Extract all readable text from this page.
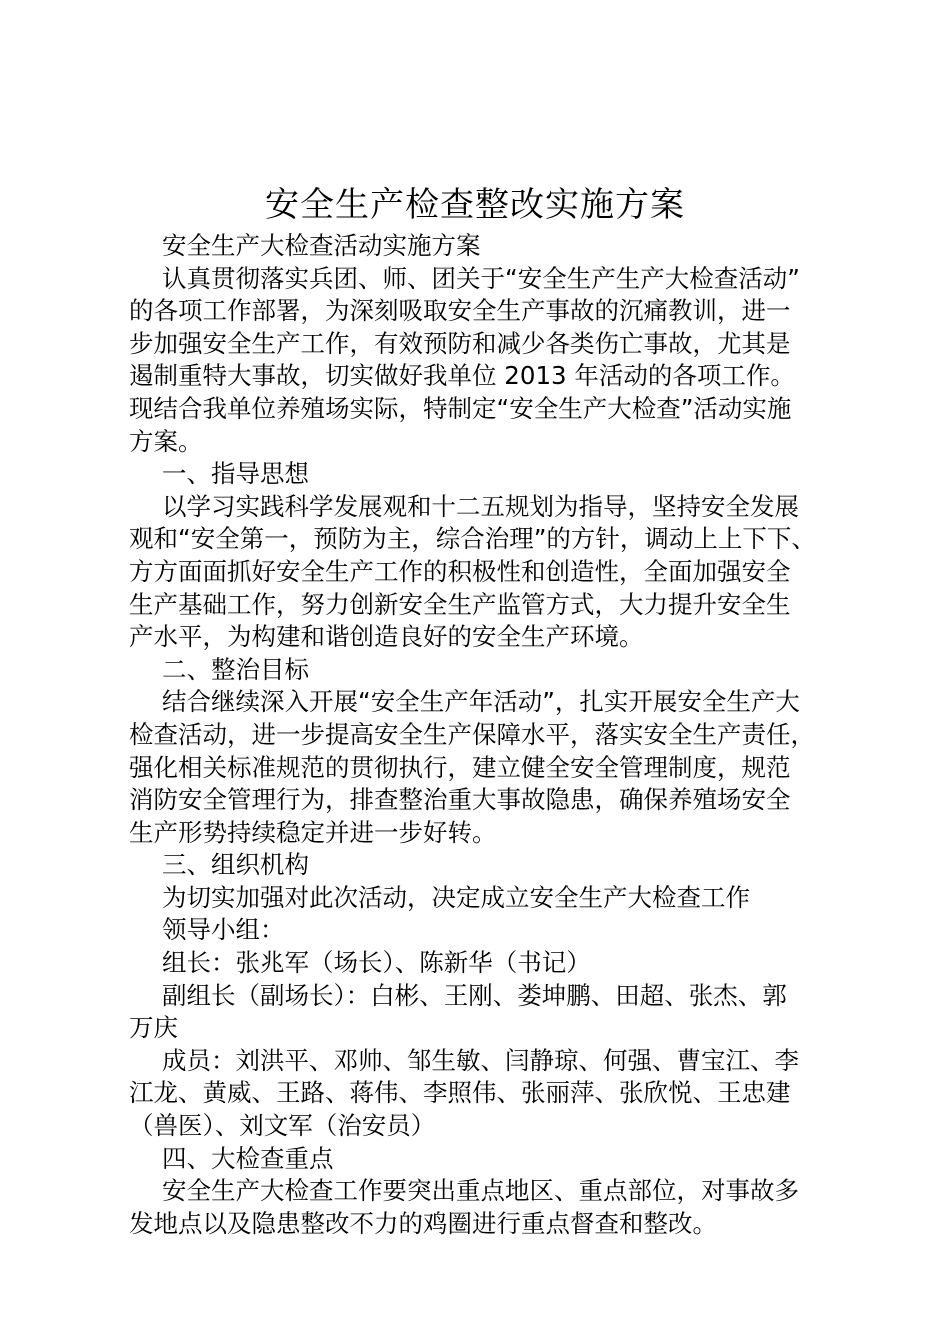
安全生产检查整改实施方案

安全生产大检查活动实施方案

认真贯彻落实兵团、师、团关于“安全生产生产大检查活动”

的各项工作部署，为深刻吸取安全生产事故的沉痛教训，进一

步加强安全生产工作，有效预防和减少各类伤亡事故，尤其是

遏制重特大事故，切实做好我单位 2013 年活动的各项工作。

现结合我单位养殖场实际，特制定“安全生产大检查”活动实施

方案。

一、指导思想

以学习实践科学发展观和十二五规划为指导，坚持安全发展

观和“安全第一，预防为主，综合治理”的方针，调动上上下下、

方方面面抓好安全生产工作的积极性和创造性，全面加强安全

生产基础工作，努力创新安全生产监管方式，大力提升安全生

产水平，为构建和谐创造良好的安全生产环境。

二、整治目标

结合继续深入开展“安全生产年活动”，扎实开展安全生产大

检查活动，进一步提高安全生产保障水平，落实安全生产责任，

强化相关标准规范的贯彻执行，建立健全安全管理制度，规范

消防安全管理行为，排查整治重大事故隐患，确保养殖场安全

生产形势持续稳定并进一步好转。

三、组织机构

为切实加强对此次活动，决定成立安全生产大检查工作

领导小组：

组长：张兆军（场长）、陈新华（书记）

副组长（副场长）：白彬、王刚、娄坤鹏、田超、张杰、郭

万庆

成员：刘洪平、邓帅、邹生敏、闫静琼、何强、曹宝江、李

江龙、黄威、王路、蒋伟、李照伟、张丽萍、张欣悦、王忠建

（兽医）、刘文军（治安员）

四、大检查重点

安全生产大检查工作要突出重点地区、重点部位，对事故多

发地点以及隐患整改不力的鸡圈进行重点督查和整改。
